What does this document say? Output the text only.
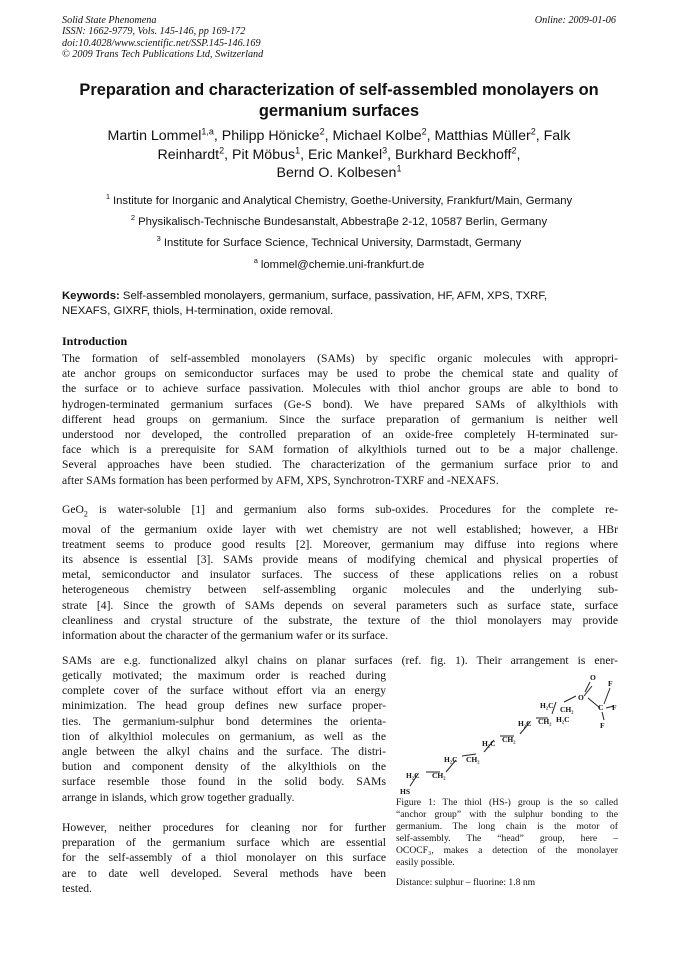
Solid State Phenomena
ISSN: 1662-9779, Vols. 145-146, pp 169-172
doi:10.4028/www.scientific.net/SSP.145-146.169
© 2009 Trans Tech Publications Ltd, Switzerland
Online: 2009-01-06
Preparation and characterization of self-assembled monolayers on
germanium surfaces
Martin Lommel$^{1,a}$, Philipp Hönicke$^2$, Michael Kolbe$^2$, Matthias Müller$^2$, Falk
Reinhardt$^2$, Pit Möbus$^1$, Eric Mankel$^3$, Burkhard Beckhoff$^2$,
Bernd O. Kolbesen$^1$
$^1$ Institute for Inorganic and Analytical Chemistry, Goethe-University, Frankfurt/Main, Germany
$^2$ Physikalisch-Technische Bundesanstalt, Abbestraβe 2-12, 10587 Berlin, Germany
$^3$ Institute for Surface Science, Technical University, Darmstadt, Germany
$^a$ lommel@chemie.uni-frankfurt.de
Keywords: Self-assembled monolayers, germanium, surface, passivation, HF, AFM, XPS, TXRF,
NEXAFS, GIXRF, thiols, H-termination, oxide removal.
Introduction
The formation of self-assembled monolayers (SAMs) by specific organic molecules with appropri-
ate anchor groups on semiconductor surfaces may be used to probe the chemical state and quality of
the surface or to achieve surface passivation. Molecules with thiol anchor groups are able to bond to
hydrogen-terminated germanium surfaces (Ge-S bond). We have prepared SAMs of alkylthiols with
different head groups on germanium. Since the surface preparation of germanium is neither well
understood nor developed, the controlled preparation of an oxide-free completely H-terminated sur-
face which is a prerequisite for SAM formation of alkylthiols turned out to be a major challenge.
Several approaches have been studied. The characterization of the germanium surface prior to and
after SAMs formation has been performed by AFM, XPS, Synchrotron-TXRF and -NEXAFS.
GeO$_2$ is water-soluble [1] and germanium also forms sub-oxides. Procedures for the complete re-
moval of the germanium oxide layer with wet chemistry are not well established; however, a HBr
treatment seems to produce good results [2]. Moreover, germanium may diffuse into regions where
its absence is essential [3]. SAMs provide means of modifying chemical and physical properties of
metal, semiconductor and insulator surfaces. The success of these applications relies on a robust
heterogeneous chemistry between self-assembling organic molecules and the underlying sub-
strate [4]. Since the growth of SAMs depends on several parameters such as surface state, surface
cleanliness and crystal structure of the substrate, the texture of the thiol monolayers may provide
information about the character of the germanium wafer or its surface.
SAMs are e.g. functionalized alkyl chains on planar surfaces (ref. fig. 1). Their arrangement is ener-
getically motivated; the maximum order is reached during
complete cover of the surface without effort via an energy
minimization. The head group defines new surface proper-
ties. The germanium-sulphur bond determines the orienta-
tion of alkylthiol molecules on germanium, as well as the
angle between the alkyl chains and the surface. The distri-
bution and component density of the alkylthiols on the
surface resemble those found in the solid body. SAMs
arrange in islands, which grow together gradually.
However, neither procedures for cleaning nor for further
preparation of the germanium surface which are essential
for the self-assembly of a thiol monolayer on this surface
are to date well developed. Several methods have been
tested.
HS
H₂C CH₂
H₂C CH₂
H₂C CH₂
H₂C CH₂
H₂C CH₂
O
O
C
F
F
F
H₂C
Figure 1: The thiol (HS-) group is the so called
“anchor group” with the sulphur bonding to the
germanium. The long chain is the motor of
self-assembly. The “head” group, here –
OCOCF₃, makes a detection of the monolayer
easily possible.
Distance: sulphur – fluorine: 1.8 nm
